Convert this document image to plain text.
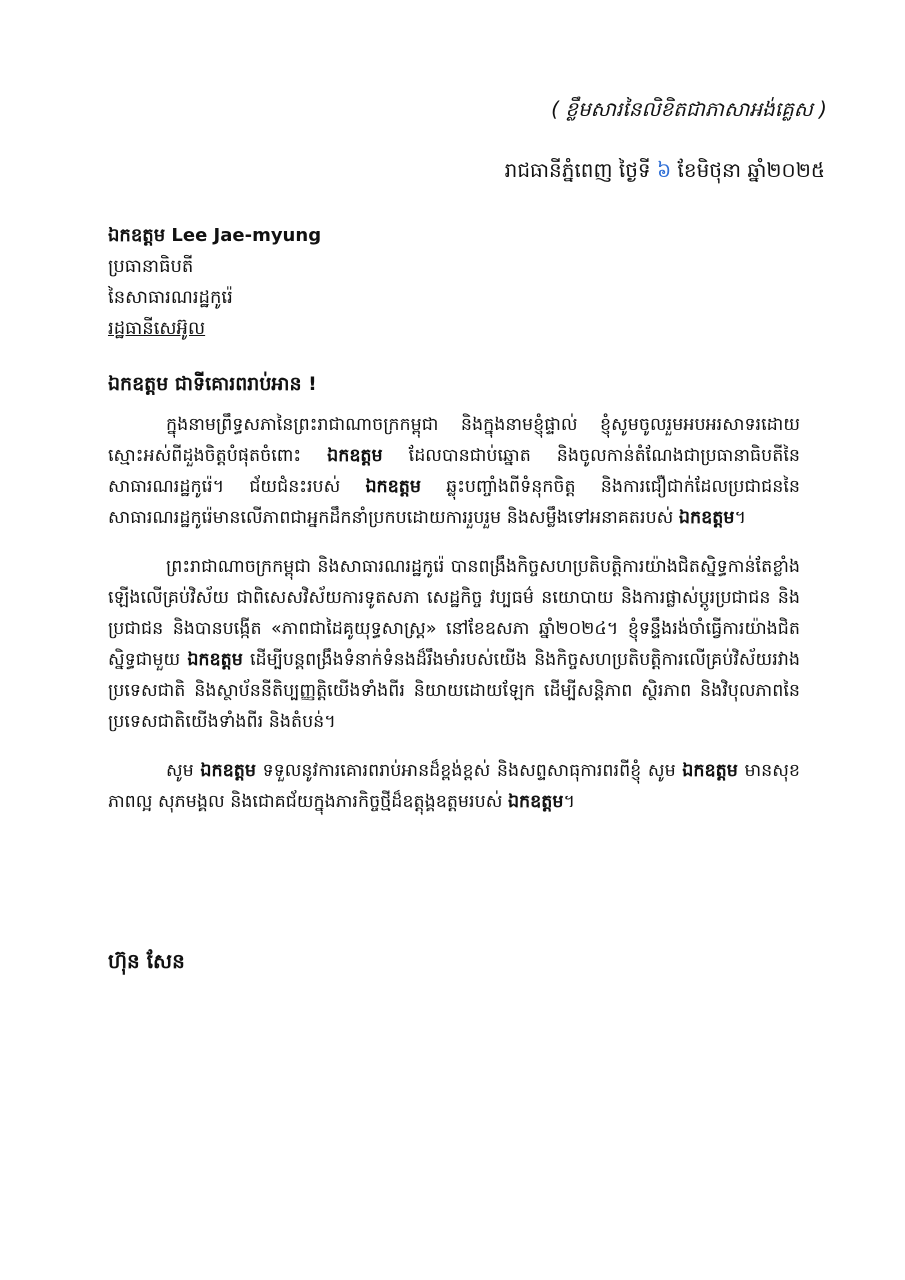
( ខ្លឹមសារនៃលិខិតជាភាសាអង់គ្លេស )
រាជធានីភ្នំពេញ ថ្ងៃទី ៦ ខែមិថុនា ឆ្នាំ២០២៥
ឯកឧត្តម Lee Jae-myung
ប្រធានាធិបតី
នៃសាធារណរដ្ឋកូរ៉េ
រដ្ឋធានីសេអ៊ូល
ឯកឧត្តម ជាទីគោរពរាប់អាន !

ក្នុងនាមព្រឹទ្ធសភានៃព្រះរាជាណាចក្រកម្ពុជា និងក្នុងនាមខ្ញុំផ្ទាល់ ខ្ញុំសូមចូលរួមអបអរសាទរដោយស្មោះអស់ពីដួងចិត្តបំផុតចំពោះ ឯកឧត្តម ដែលបានជាប់ឆ្នោត និងចូលកាន់តំណែងជាប្រធានាធិបតីនៃសាធារណរដ្ឋកូរ៉េ។ ជ័យជំនះរបស់ ឯកឧត្តម ឆ្លុះបញ្ចាំងពីទំនុកចិត្ត និងការជឿជាក់ដែលប្រជាជននៃសាធារណរដ្ឋកូរ៉េមានលើភាពជាអ្នកដឹកនាំប្រកបដោយការរួបរួម និងសម្លឹងទៅអនាគតរបស់ ឯកឧត្តម។

ព្រះរាជាណាចក្រកម្ពុជា និងសាធារណរដ្ឋកូរ៉េ បានពង្រឹងកិច្ចសហប្រតិបត្តិការយ៉ាងជិតស្និទ្ធកាន់តែខ្លាំងឡើងលើគ្រប់វិស័យ ជាពិសេសវិស័យការទូតសភា សេដ្ឋកិច្ច វប្បធម៌ នយោបាយ និងការផ្លាស់ប្តូរប្រជាជន និងប្រជាជន និងបានបង្កើត «ភាពជាដៃគូយុទ្ធសាស្ត្រ» នៅខែឧសភា ឆ្នាំ២០២៤។ ខ្ញុំទន្ទឹងរង់ចាំធ្វើការយ៉ាងជិតស្និទ្ធជាមួយ ឯកឧត្តម ដើម្បីបន្តពង្រឹងទំនាក់ទំនងដ៏រឹងមាំរបស់យើង និងកិច្ចសហប្រតិបត្តិការលើគ្រប់វិស័យរវាងប្រទេសជាតិ និងស្ថាប័ននីតិប្បញ្ញត្តិយើងទាំងពីរ និយាយដោយឡែក ដើម្បីសន្តិភាព ស្ថិរភាព និងវិបុលភាពនៃប្រទេសជាតិយើងទាំងពីរ និងតំបន់។

សូម ឯកឧត្តម ទទួលនូវការគោរពរាប់អានដ៏ខ្ពង់ខ្ពស់ និងសព្ទសាធុការពរពីខ្ញុំ សូម ឯកឧត្តម មានសុខភាពល្អ សុភមង្គល និងជោគជ័យក្នុងភារកិច្ចថ្មីដ៏ឧត្តុង្គឧត្តមរបស់ ឯកឧត្តម។

ហ៊ុន សែន
